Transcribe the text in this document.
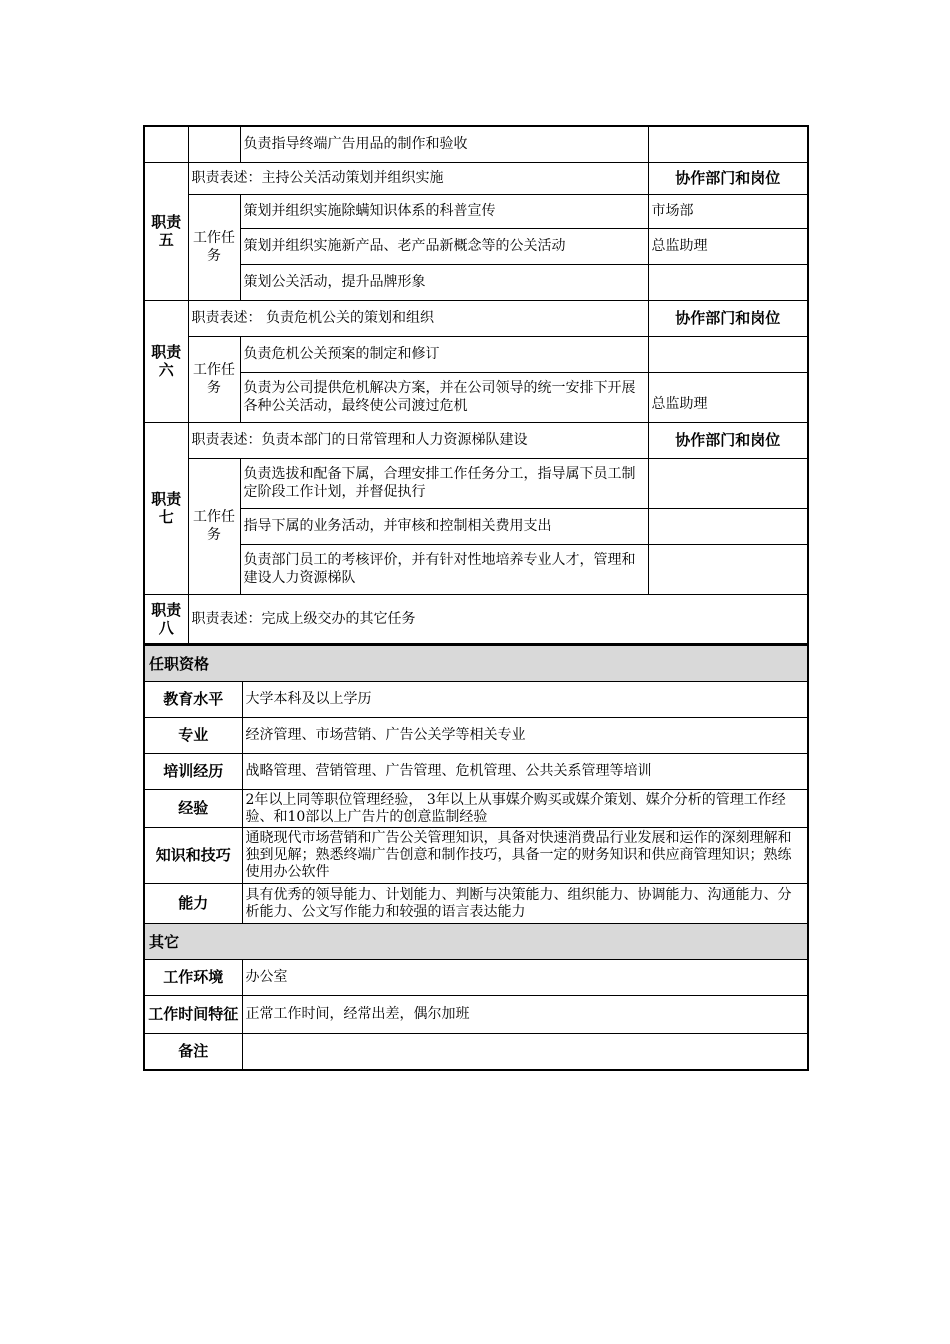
		负责指导终端广告用品的制作和验收	
职责五	职责表述：主持公关活动策划并组织实施		协作部门和岗位
	工作任务	策划并组织实施除螨知识体系的科普宣传	市场部
		策划并组织实施新产品、老产品新概念等的公关活动	总监助理
		策划公关活动，提升品牌形象	
职责六	职责表述： 负责危机公关的策划和组织		协作部门和岗位
	工作任务	负责危机公关预案的制定和修订	
		负责为公司提供危机解决方案，并在公司领导的统一安排下开展各种公关活动，最终使公司渡过危机	总监助理
职责七	职责表述：负责本部门的日常管理和人力资源梯队建设		协作部门和岗位
	工作任务	负责选拔和配备下属，合理安排工作任务分工，指导属下员工制定阶段工作计划，并督促执行	
		指导下属的业务活动，并审核和控制相关费用支出	
		负责部门员工的考核评价，并有针对性地培养专业人才，管理和建设人力资源梯队	
职责八	职责表述：完成上级交办的其它任务		
任职资格	
教育水平	大学本科及以上学历
专业	经济管理、市场营销、广告公关学等相关专业
培训经历	战略管理、营销管理、广告管理、危机管理、公共关系管理等培训
经验	2年以上同等职位管理经验， 3年以上从事媒介购买或媒介策划、媒介分析的管理工作经验、和10部以上广告片的创意监制经验
知识和技巧	通晓现代市场营销和广告公关管理知识，具备对快速消费品行业发展和运作的深刻理解和独到见解；熟悉终端广告创意和制作技巧，具备一定的财务知识和供应商管理知识；熟练使用办公软件
能力	具有优秀的领导能力、计划能力、判断与决策能力、组织能力、协调能力、沟通能力、分析能力、公文写作能力和较强的语言表达能力
其它	
工作环境	办公室
工作时间特征	正常工作时间，经常出差，偶尔加班
备注	
